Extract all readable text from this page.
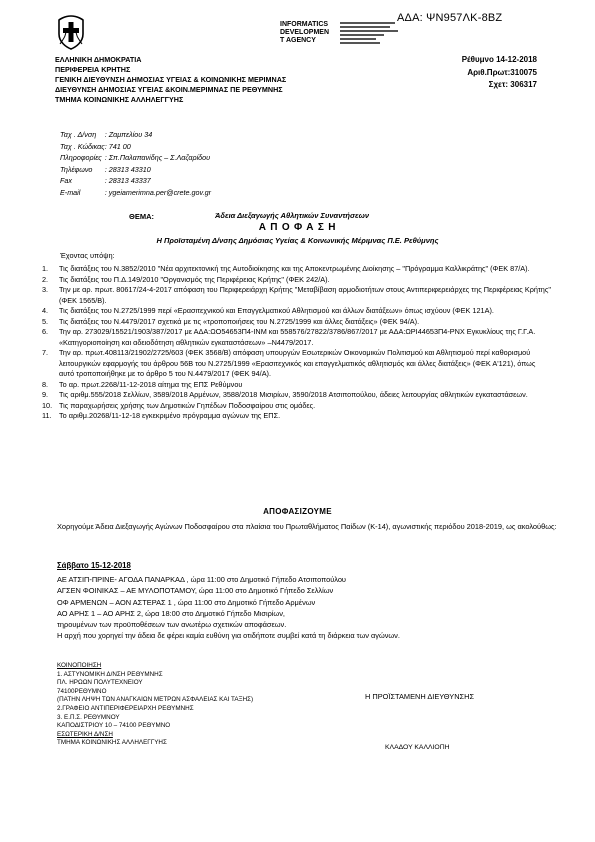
ΑΔΑ: ΨΝ957ΛΚ-8ΒΖ
INFORMATICS
DEVELOPMEN
T AGENCY
ΕΛΛΗΝΙΚΗ ΔΗΜΟΚΡΑΤΙΑ
ΠΕΡΙΦΕΡΕΙΑ ΚΡΗΤΗΣ
ΓΕΝΙΚΗ ΔΙΕΥΘΥΝΣΗ ΔΗΜΟΣΙΑΣ ΥΓΕΙΑΣ & ΚΟΙΝΩΝΙΚΗΣ ΜΕΡΙΜΝΑΣ
ΔΙΕΥΘΥΝΣΗ ΔΗΜΟΣΙΑΣ ΥΓΕΙΑΣ &ΚΟΙΝ.ΜΕΡΙΜΝΑΣ ΠΕ ΡΕΘΥΜΝΗΣ
ΤΜΗΜΑ ΚΟΙΝΩΝΙΚΗΣ ΑΛΛΗΛΕΓΓΥΗΣ
Ρέθυμνο 14-12-2018
Αριθ.Πρωτ:310075
Σχετ: 306317
Ταχ . Δ/νση	: Ζαμπελίου 34
Ταχ . Κώδικας	: 741 00
Πληροφορίες	: Σπ.Παλαπανίδης – Σ.Λαζαρίδου
Τηλέφωνο	: 28313 43310
Fax	: 28313 43337
E-mail	: ygeiamerimna.per@crete.gov.gr
ΘΕΜΑ:	Άδεια Διεξαγωγής Αθλητικών Συναντήσεων
Α Π Ο Φ Α Σ Η
Η Προϊσταμένη Δ/νσης Δημόσιας Υγείας & Κοινωνικής Μέριμνας Π.Ε. Ρεθύμνης
Έχοντας υπόψη:
1.	Τις διατάξεις του Ν.3852/2010 "Νέα αρχιτεκτονική της Αυτοδιοίκησης και της Αποκεντρωμένης Διοίκησης – "Πρόγραμμα Καλλικράτης" (ΦΕΚ 87/Α).
2.	Τις διατάξεις του Π.Δ.149/2010 "Οργανισμός της Περιφέρειας Κρήτης" (ΦΕΚ 242/Α).
3.	Την με αρ. πρωτ. 80617/24-4-2017 απόφαση του Περιφερειάρχη Κρήτης "Μεταβίβαση αρμοδιοτήτων στους Αντιπεριφερειάρχες της Περιφέρειας Κρήτης" (ΦΕΚ 1565/Β).
4.	Τις διατάξεις του Ν.2725/1999 περί «Ερασιτεχνικού και Επαγγελματικού Αθλητισμού και άλλων διατάξεων» όπως ισχύουν (ΦΕΚ 121Α).
5.	Τις διατάξεις του Ν.4479/2017 σχετικά με τις «τροποποιήσεις του Ν.2725/1999 και άλλες διατάξεις» (ΦΕΚ 94/Α).
6.	Την αρ. 273029/15521/1903/387/2017 με ΑΔΑ:ΩΟ54653Π4-ΙΝΜ και 558576/27822/3786/867/2017 με ΑΔΑ:ΩΡΙ44653Π4-ΡΝΧ Εγκυκλίους της Γ.Γ.Α. «Κατηγοριοποίηση και αδειοδότηση αθλητικών εγκαταστάσεων» –Ν4479/2017.
7.	Την αρ. πρωτ.408113/21902/2725/603 (ΦΕΚ 3568/Β) απόφαση υπουργών Εσωτερικών Οικονομικών Πολιτισμού και Αθλητισμού περί καθορισμού λειτουργικών εφαρμογής του άρθρου 56Β του Ν.2725/1999 «Ερασιτεχνικός και επαγγελματικός αθλητισμός και άλλες διατάξεις» (ΦΕΚ Α'121), όπως αυτό τροποποιήθηκε με το άρθρο 5 του Ν.4479/2017 (ΦΕΚ 94/Α).
8.	Το αρ. πρωτ.2268/11-12-2018 αίτημα της ΕΠΣ Ρεθύμνου
9.	Τις αριθμ.555/2018 Σελλίων, 3589/2018 Αρμένων, 3588/2018 Μισιρίων, 3590/2018 Ατσιποπούλου, άδειες λειτουργίας αθλητικών εγκαταστάσεων.
10. Τις παραχωρήσεις χρήσης των Δημοτικών Γηπέδων Ποδοσφαίρου στις ομάδες.
11.	Το αριθμ.20268/11-12-18 εγκεκριμένο πρόγραμμα αγώνων της ΕΠΣ.
ΑΠΟΦΑΣΙΖΟΥΜΕ
Χορηγούμε Άδεια Διεξαγωγής Αγώνων Ποδοσφαίρου στα πλαίσια του Πρωταθλήματος Παίδων (Κ-14), αγωνιστικής περιόδου 2018-2019, ως ακολούθως:
Σάββατο 15-12-2018
ΑΕ ΑΤΣΙΠ-ΠΡΙΝΕ- ΑΓΟΔΑ ΠΑΝΑΡΚΑΔ , ώρα 11:00 στο Δημοτικό Γήπεδο Ατσιποπούλου
ΑΓΣΕΝ ΦΟΙΝΙΚΑΣ – ΑΕ ΜΥΛΟΠΟΤΑΜΟΥ, ώρα 11:00 στο Δημοτικό Γήπεδο Σελλίων
ΟΦ ΑΡΜΕΝΩΝ – ΑΟΝ ΑΣΤΕΡΑΣ 1 , ώρα 11:00 στο Δημοτικό Γήπεδο Αρμένων
ΑΟ ΑΡΗΣ 1 – ΑΟ ΑΡΗΣ 2, ώρα 18:00 στο Δημοτικό Γήπεδο Μισιρίων,
τηρουμένων των προϋποθέσεων των ανωτέρω σχετικών αποφάσεων.
Η αρχή που χορηγεί την άδεια δε φέρει καμία ευθύνη για οτιδήποτε συμβεί κατά τη διάρκεια των αγώνων.
ΚΟΙΝΟΠΟΙΗΣΗ
1. ΑΣΤΥΝΟΜΙΚΗ Δ/ΝΣΗ ΡΕΘΥΜΝΗΣ
ΠΛ. ΗΡΩΩΝ ΠΟΛΥΤΕΧΝΕΙΟΥ
74100ΡΕΘΥΜΝΟ
(ΠΑΤΗΝ ΛΗΨΗ ΤΩΝ ΑΝΑΓΚΑΙΩΝ ΜΕΤΡΩΝ ΑΣΦΑΛΕΙΑΣ ΚΑΙ ΤΑΞΗΣ)
2.ΓΡΑΦΕΙΟ ΑΝΤΙΠΕΡΙΦΕΡΕΙΑΡΧΗ ΡΕΘΥΜΝΗΣ
3. Ε.Π.Σ. ΡΕΘΥΜΝΟΥ
ΚΑΠΟΔΙΣΤΡΙΟΥ 10 – 74100 ΡΕΘΥΜΝΟ
ΕΣΩΤΕΡΙΚΗ Δ/ΝΣΗ
ΤΜΗΜΑ ΚΟΙΝΩΝΙΚΗΣ ΑΛΛΗΛΕΓΓΥΗΣ
Η ΠΡΟΪΣΤΑΜΕΝΗ ΔΙΕΥΘΥΝΣΗΣ
ΚΛΑΔΟΥ ΚΑΛΛΙΟΠΗ
